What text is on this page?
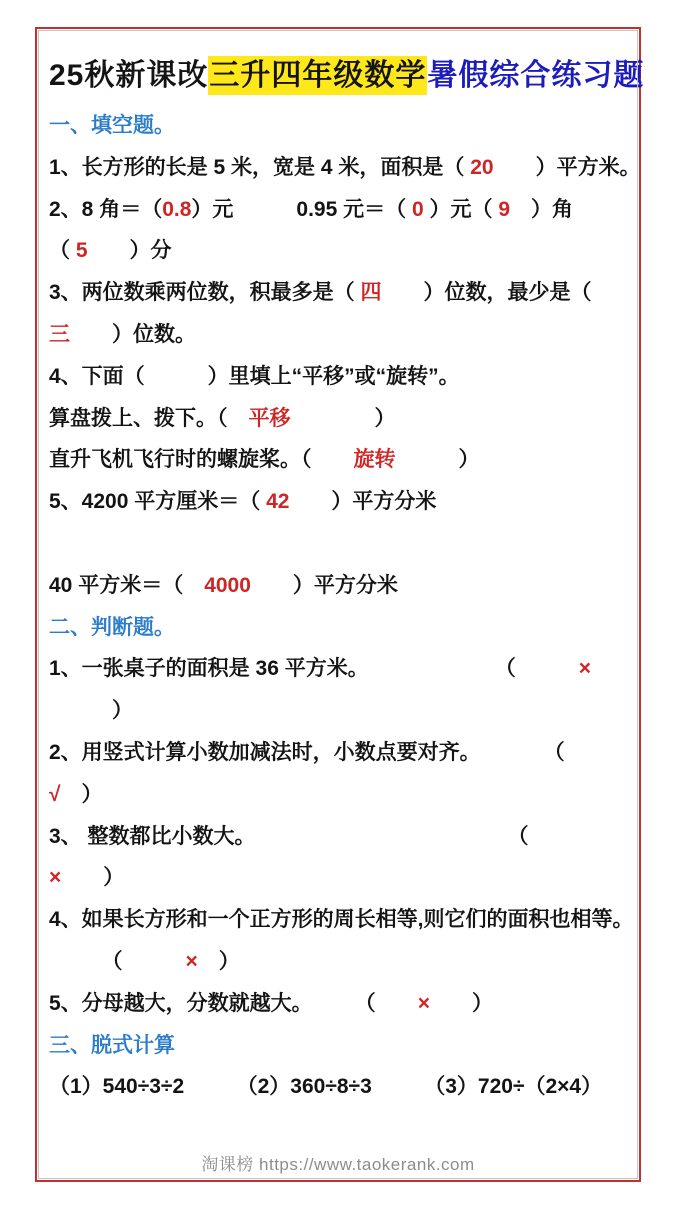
25秋新课改三升四年级数学暑假综合练习题
一、填空题。
1、长方形的长是 5 米，宽是 4 米，面积是（ 20　　）平方米。
2、8 角＝（0.8）元　　　0.95 元＝（ 0 ）元（ 9　）角
（ 5　　）分
3、两位数乘两位数，积最多是（ 四　　）位数，最少是（
三　　）位数。
4、下面（　　　）里填上“平移”或“旋转”。
算盘拨上、拨下。（　平移　　　　）
直升飞机飞行时的螺旋桨。（　　旋转　　　）
5、4200 平方厘米＝（ 42　　）平方分米
40 平方米＝（　4000　　）平方分米
二、判断题。
1、一张桌子的面积是 36 平方米。　　　　　　　（　　　×
　　　）
2、用竖式计算小数加减法时，小数点要对齐。　　　　（
√　）
3、 整数都比小数大。　　　　　　　　　　　　　（
×　　）
4、如果长方形和一个正方形的周长相等,则它们的面积也相等。
　　　（　　　×　）
5、分母越大，分数就越大。　　　（　　×　　）
三、脱式计算
（1）540÷3÷2　　　（2）360÷8÷3　　　（3）720÷（2×4）
淘课榜 https://www.taokerank.com
